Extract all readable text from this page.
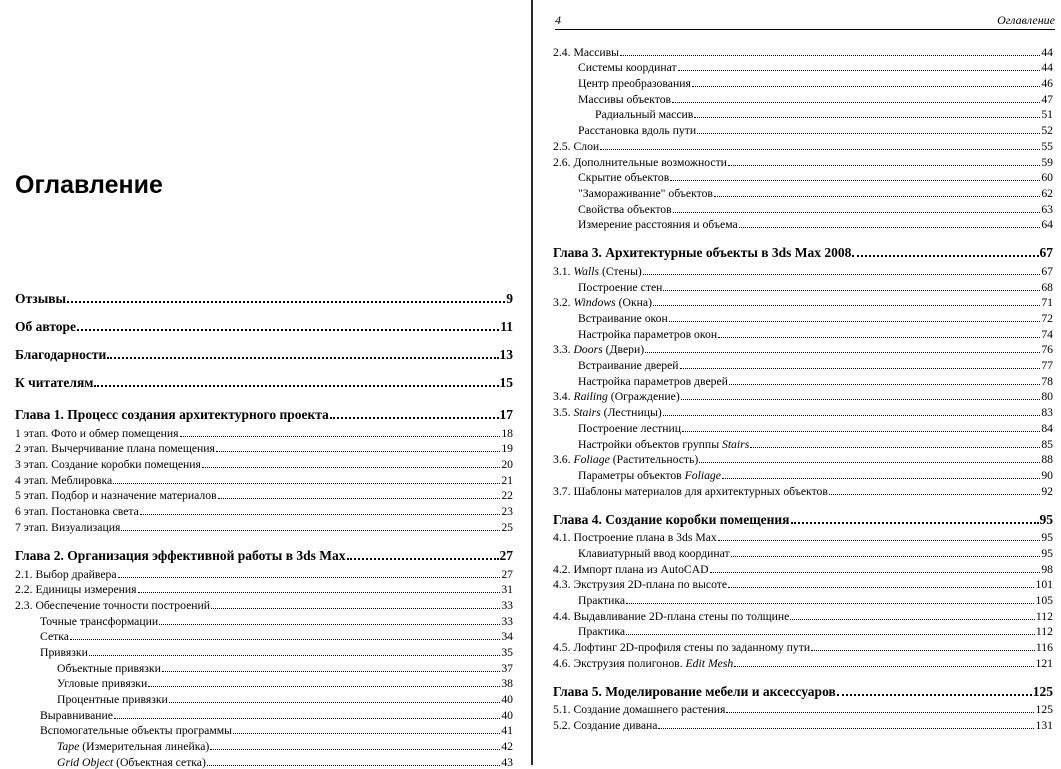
Оглавление
Отзывы	9
Об авторе	11
Благодарности	13
К читателям	15
Глава 1. Процесс создания архитектурного проекта	17
1 этап. Фото и обмер помещения	18
2 этап. Вычерчивание плана помещения	19
3 этап. Создание коробки помещения	20
4 этап. Меблировка	21
5 этап. Подбор и назначение материалов	22
6 этап. Постановка света	23
7 этап. Визуализация	25
Глава 2. Организация эффективной работы в 3ds Max	27
2.1. Выбор драйвера	27
2.2. Единицы измерения	31
2.3. Обеспечение точности построений	33
Точные трансформации	33
Сетка	34
Привязки	35
Объектные привязки	37
Угловые привязки	38
Процентные привязки	40
Выравнивание	40
Вспомогательные объекты программы	41
Tape (Измерительная линейка)	42
Grid Object (Объектная сетка)	43
4	Оглавление
2.4. Массивы	44
Системы координат	44
Центр преобразования	46
Массивы объектов	47
Радиальный массив	51
Расстановка вдоль пути	52
2.5. Слои	55
2.6. Дополнительные возможности	59
Скрытие объектов	60
"Замораживание" объектов	62
Свойства объектов	63
Измерение расстояния и объема	64
Глава 3. Архитектурные объекты в 3ds Max 2008	67
3.1. Walls (Стены)	67
Построение стен	68
3.2. Windows (Окна)	71
Встраивание окон	72
Настройка параметров окон	74
3.3. Doors (Двери)	76
Встраивание дверей	77
Настройка параметров дверей	78
3.4. Railing (Ограждение)	80
3.5. Stairs (Лестницы)	83
Построение лестниц	84
Настройки объектов группы Stairs	85
3.6. Foliage (Растительность)	88
Параметры объектов Foliage	90
3.7. Шаблоны материалов для архитектурных объектов	92
Глава 4. Создание коробки помещения	95
4.1. Построение плана в 3ds Max	95
Клавиатурный ввод координат	95
4.2. Импорт плана из AutoCAD	98
4.3. Экструзия 2D-плана по высоте	101
Практика	105
4.4. Выдавливание 2D-плана стены по толщине	112
Практика	112
4.5. Лофтинг 2D-профиля стены по заданному пути	116
4.6. Экструзия полигонов. Edit Mesh	121
Глава 5. Моделирование мебели и аксессуаров	125
5.1. Создание домашнего растения	125
5.2. Создание дивана	131
